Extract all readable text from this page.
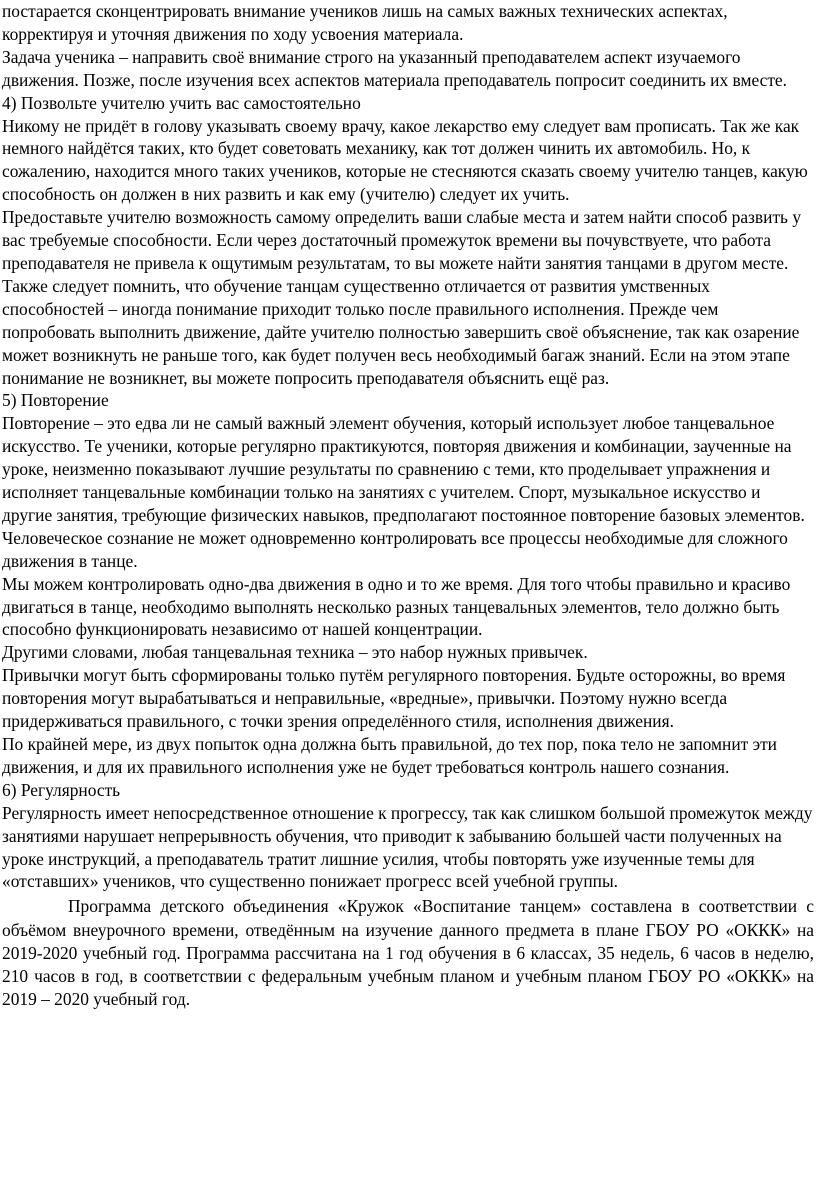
постарается сконцентрировать внимание учеников лишь на самых важных технических аспектах, корректируя и уточняя движения по ходу усвоения материала.

Задача ученика – направить своё внимание строго на указанный преподавателем аспект изучаемого движения. Позже, после изучения всех аспектов материала преподаватель попросит соединить их вместе.

4) Позвольте учителю учить вас самостоятельно

Никому не придёт в голову указывать своему врачу, какое лекарство ему следует вам прописать. Так же как немного найдётся таких, кто будет советовать механику, как тот должен чинить их автомобиль. Но, к сожалению, находится много таких учеников, которые не стесняются сказать своему учителю танцев, какую способность он должен в них развить и как ему (учителю) следует их учить.

Предоставьте учителю возможность самому определить ваши слабые места и затем найти способ развить у вас требуемые способности. Если через достаточный промежуток времени вы почувствуете, что работа преподавателя не привела к ощутимым результатам, то вы можете найти занятия танцами в другом месте.

Также следует помнить, что обучение танцам существенно отличается от развития умственных способностей – иногда понимание приходит только после правильного исполнения. Прежде чем попробовать выполнить движение, дайте учителю полностью завершить своё объяснение, так как озарение может возникнуть не раньше того, как будет получен весь необходимый багаж знаний. Если на этом этапе понимание не возникнет, вы можете попросить преподавателя объяснить ещё раз.

5) Повторение

Повторение – это едва ли не самый важный элемент обучения, который использует любое танцевальное искусство. Те ученики, которые регулярно практикуются, повторяя движения и комбинации, заученные на уроке, неизменно показывают лучшие результаты по сравнению с теми, кто проделывает упражнения и исполняет танцевальные комбинации только на занятиях с учителем. Спорт, музыкальное искусство и другие занятия, требующие физических навыков, предполагают постоянное повторение базовых элементов.

Человеческое сознание не может одновременно контролировать все процессы необходимые для сложного движения в танце.

Мы можем контролировать одно-два движения в одно и то же время. Для того чтобы правильно и красиво двигаться в танце, необходимо выполнять несколько разных танцевальных элементов, тело должно быть способно функционировать независимо от нашей концентрации.

Другими словами, любая танцевальная техника – это набор нужных привычек.

Привычки могут быть сформированы только путём регулярного повторения. Будьте осторожны, во время повторения могут вырабатываться и неправильные, «вредные», привычки. Поэтому нужно всегда придерживаться правильного, с точки зрения определённого стиля, исполнения движения.

По крайней мере, из двух попыток одна должна быть правильной, до тех пор, пока тело не запомнит эти движения, и для их правильного исполнения уже не будет требоваться контроль нашего сознания.

6) Регулярность

Регулярность имеет непосредственное отношение к прогрессу, так как слишком большой промежуток между занятиями нарушает непрерывность обучения, что приводит к забыванию большей части полученных на уроке инструкций, а преподаватель тратит лишние усилия, чтобы повторять уже изученные темы для «отставших» учеников, что существенно понижает прогресс всей учебной группы.

Программа детского объединения «Кружок «Воспитание танцем» составлена в соответствии с объёмом внеурочного времени, отведённым на изучение данного предмета в плане ГБОУ РО «ОККК» на 2019-2020 учебный год. Программа рассчитана на 1 год обучения в 6 классах, 35 недель, 6 часов в неделю, 210 часов в год, в соответствии с федеральным учебным планом и учебным планом ГБОУ РО «ОККК» на 2019 – 2020 учебный год.
